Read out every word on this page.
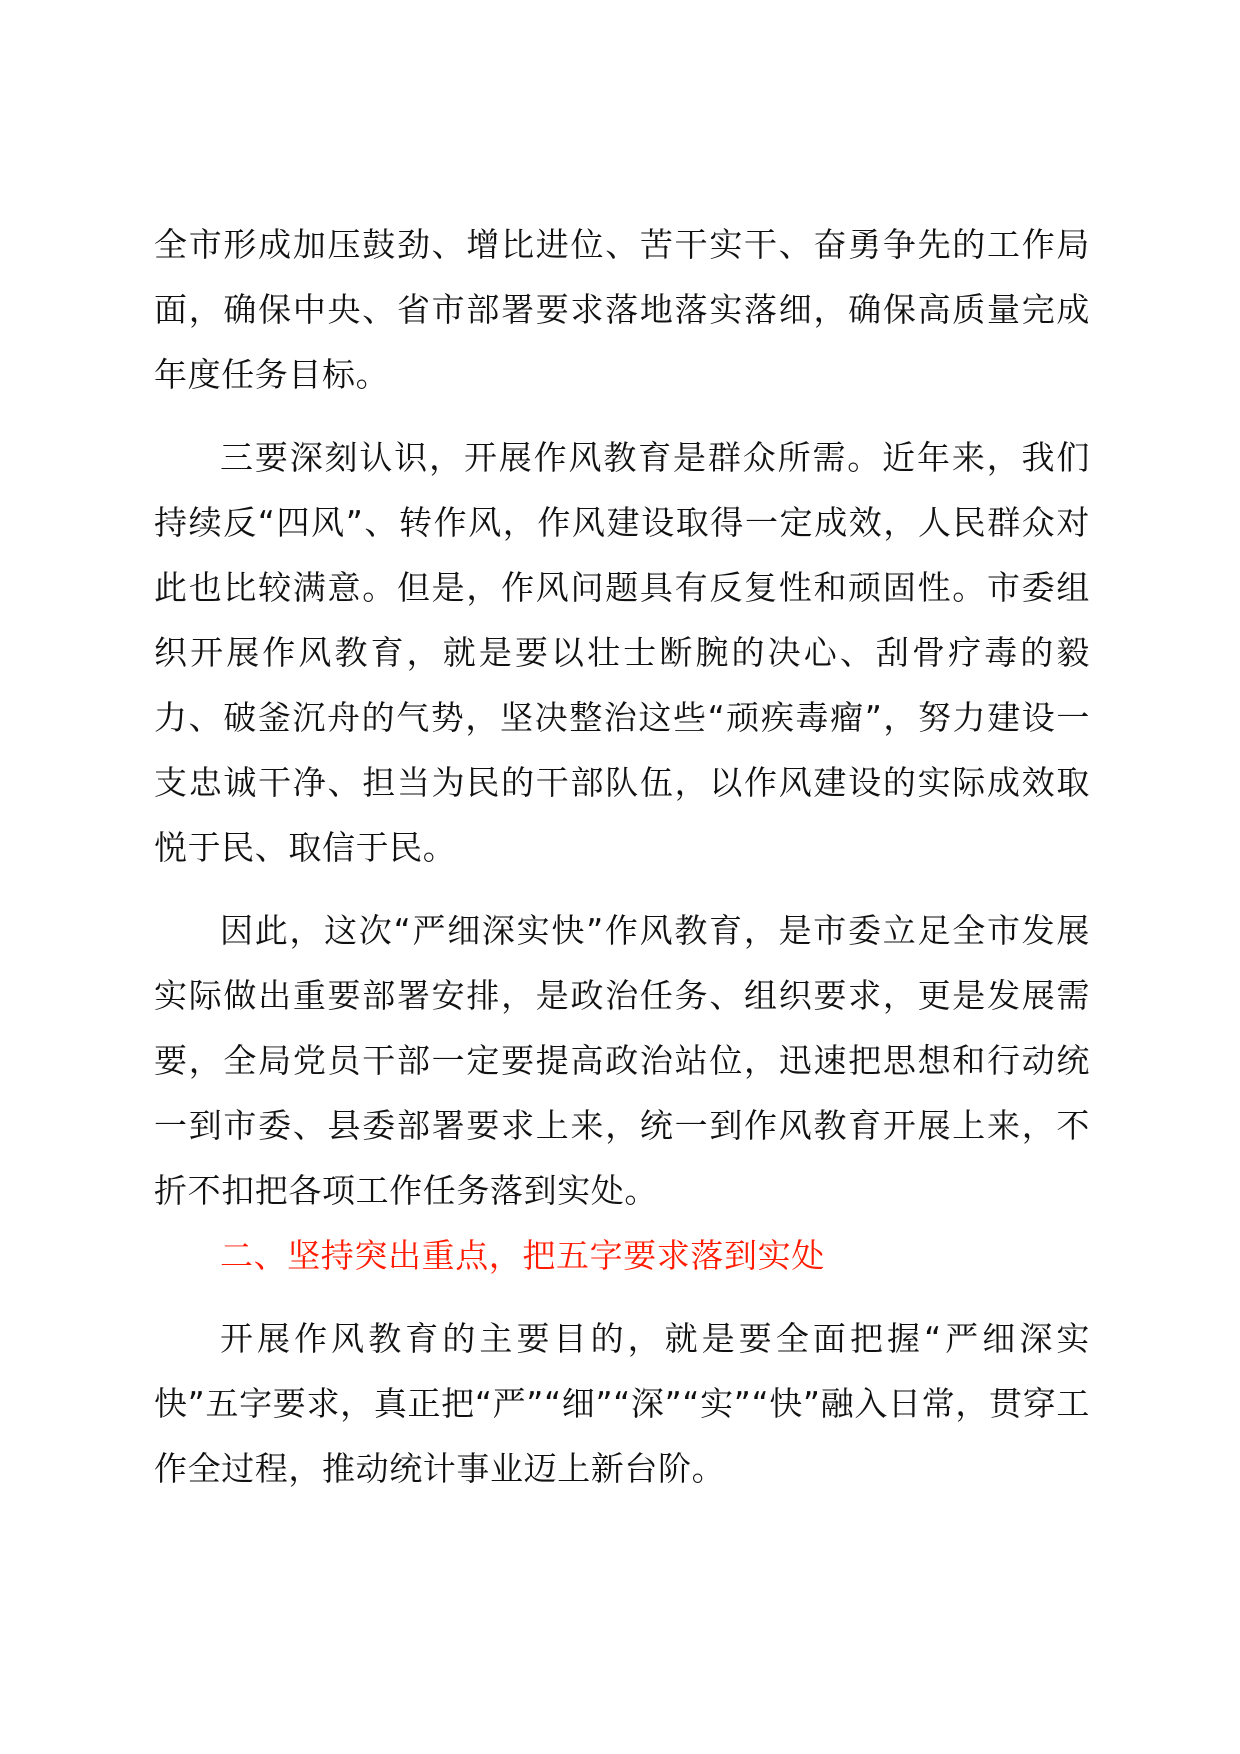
全市形成加压鼓劲、增比进位、苦干实干、奋勇争先的工作局面，确保中央、省市部署要求落地落实落细，确保高质量完成年度任务目标。

三要深刻认识，开展作风教育是群众所需。近年来，我们持续反“四风”、转作风，作风建设取得一定成效，人民群众对此也比较满意。但是，作风问题具有反复性和顽固性。市委组织开展作风教育，就是要以壮士断腕的决心、刮骨疗毒的毅力、破釜沉舟的气势，坚决整治这些“顽疾毒瘤”，努力建设一支忠诚干净、担当为民的干部队伍，以作风建设的实际成效取悦于民、取信于民。

因此，这次“严细深实快”作风教育，是市委立足全市发展实际做出重要部署安排，是政治任务、组织要求，更是发展需要，全局党员干部一定要提高政治站位，迅速把思想和行动统一到市委、县委部署要求上来，统一到作风教育开展上来，不折不扣把各项工作任务落到实处。

二、坚持突出重点，把五字要求落到实处

开展作风教育的主要目的，就是要全面把握“严细深实快”五字要求，真正把“严”“细”“深”“实”“快”融入日常，贯穿工作全过程，推动统计事业迈上新台阶。
